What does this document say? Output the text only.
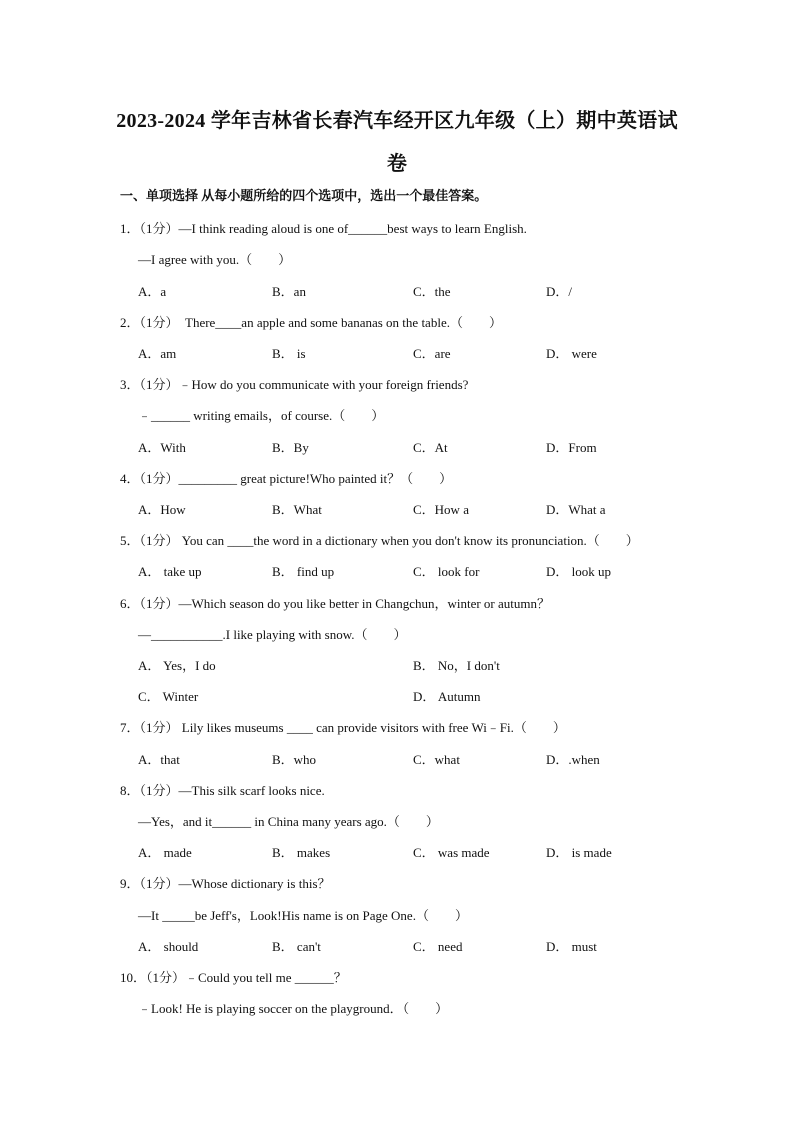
2023-2024 学年吉林省长春汽车经开区九年级（上）期中英语试
卷
一、单项选择 从每小题所给的四个选项中，选出一个最佳答案。
1．（1分）—I think reading aloud is one of______best ways to learn English.
—I agree with you.（　　）
A．a	B．an	C．the	D．/
2．（1分）　There____an apple and some bananas on the table.（　　）
A．am	B． is	C．are	D． were
3．（1分）﹣How do you communicate with your foreign friends?
﹣______ writing emails，of course.（　　）
A．With	B．By	C．At	D．From
4．（1分）_________ great picture!Who painted it？（　　）
A．How	B．What	C．How a	D．What a
5．（1分） You can ____the word in a dictionary when you don't know its pronunciation.（　　）
A． take up	B． find up	C． look for	D． look up
6．（1分）—Which season do you like better in Changchun，winter or autumn？
—___________.I like playing with snow.（　　）
A． Yes，I do	B． No，I don't
C． Winter	D． Autumn
7．（1分） Lily likes museums ____ can provide visitors with free Wi﹣Fi.（　　）
A．that	B．who	C．what	D．.when
8．（1分）—This silk scarf looks nice.
—Yes，and it______ in China many years ago.（　　）
A． made	B． makes	C． was made	D． is made
9．（1分）—Whose dictionary is this？
—It _____be Jeff's，Look!His name is on Page One.（　　）
A． should	B． can't	C． need	D． must
10．（1分）﹣Could you tell me ______？
﹣Look! He is playing soccer on the playground．（　　）
